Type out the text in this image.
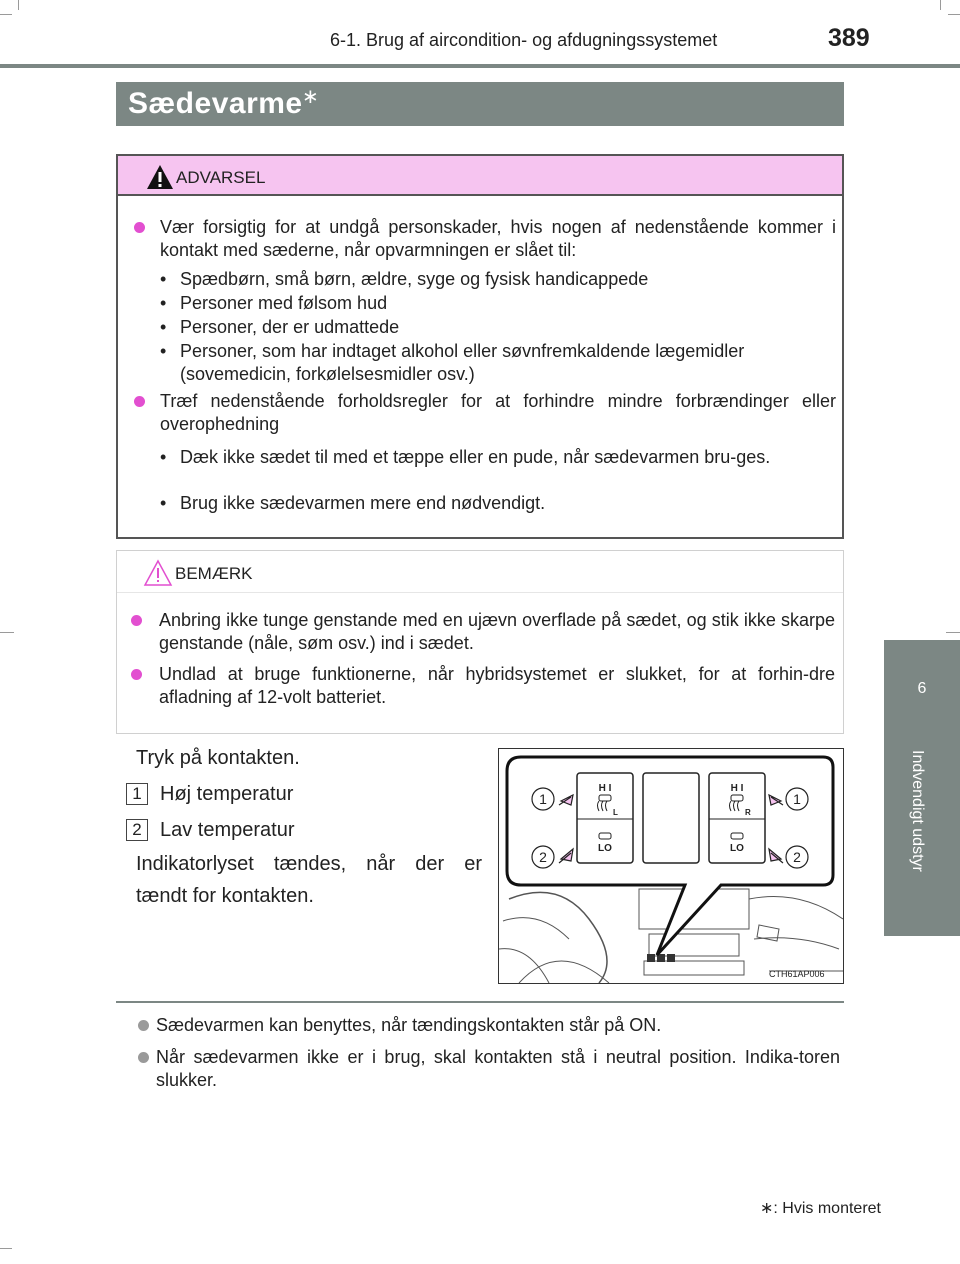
6-1. Brug af aircondition- og afdugningssystemet	389
Sædevarme ∗
6
Indvendigt udstyr
ADVARSEL
Vær forsigtig for at undgå personskader, hvis nogen af nedenstående kommer i kontakt med sæderne, når opvarmningen er slået til:
• Spædbørn, små børn, ældre, syge og fysisk handicappede
• Personer med følsom hud
• Personer, der er udmattede
• Personer, som har indtaget alkohol eller søvnfremkaldende lægemidler (sovemedicin, forkølelsesmidler osv.)
Træf nedenstående forholdsregler for at forhindre mindre forbrændinger eller overophedning
• Dæk ikke sædet til med et tæppe eller en pude, når sædevarmen bru-ges.
• Brug ikke sædevarmen mere end nødvendigt.
BEMÆRK
Anbring ikke tunge genstande med en ujævn overflade på sædet, og stik ikke skarpe genstande (nåle, søm osv.) ind i sædet.
Undlad at bruge funktionerne, når hybridsystemet er slukket, for at forhin-dre afladning af 12-volt batteriet.
Tryk på kontakten.
1 Høj temperatur
2 Lav temperatur
Indikatorlyset tændes, når der er
tændt for kontakten.
1
2
1
2
H I
LO
H I
LO
L	R
CTH61AP006
Sædevarmen kan benyttes, når tændingskontakten står på ON.
Når sædevarmen ikke er i brug, skal kontakten stå i neutral position. Indika-toren slukker.
∗: Hvis monteret
